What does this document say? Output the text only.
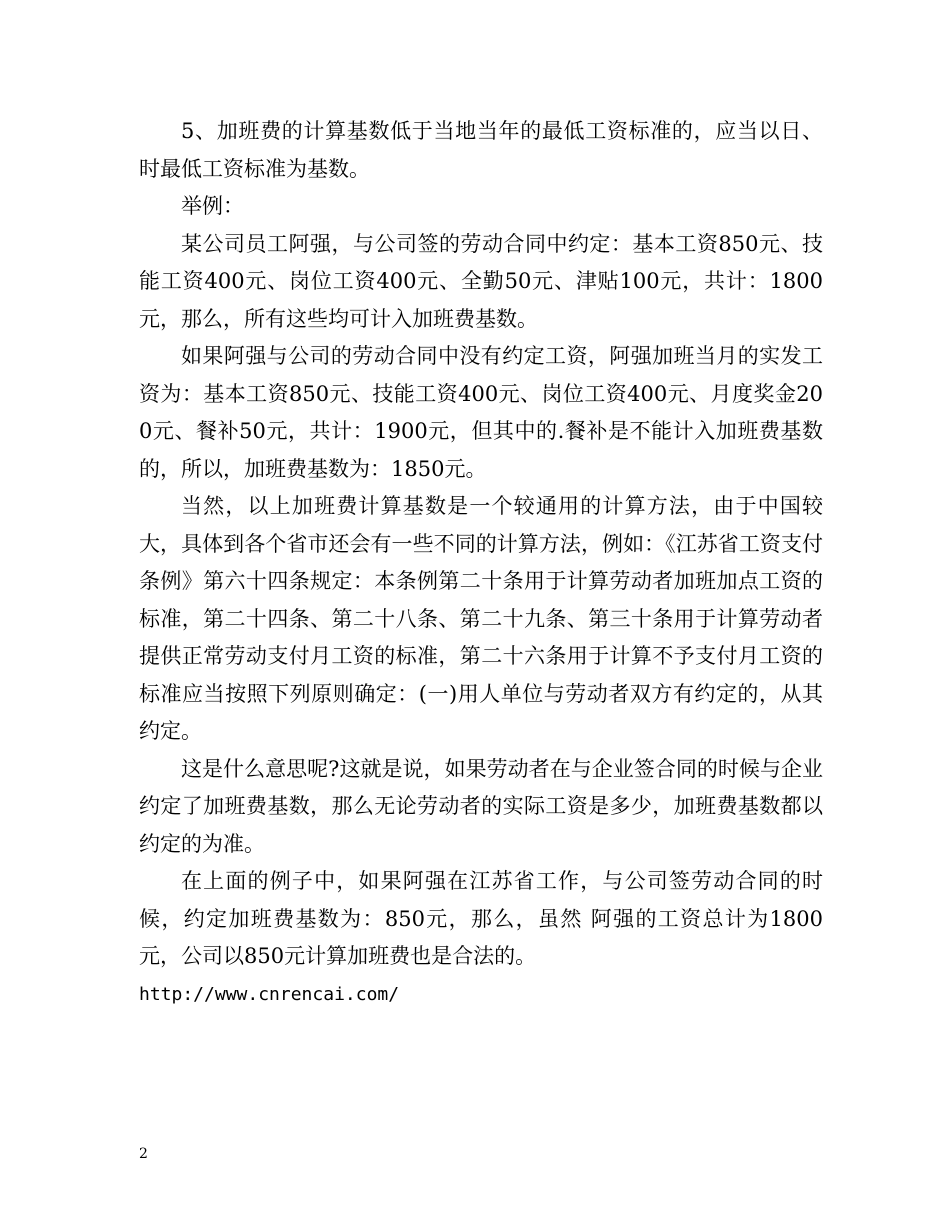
5、加班费的计算基数低于当地当年的最低工资标准的，应当以日、时最低工资标准为基数。

举例：

某公司员工阿强，与公司签的劳动合同中约定：基本工资850元、技能工资400元、岗位工资400元、全勤50元、津贴100元，共计：1800元，那么，所有这些均可计入加班费基数。

如果阿强与公司的劳动合同中没有约定工资，阿强加班当月的实发工资为：基本工资850元、技能工资400元、岗位工资400元、月度奖金200元、餐补50元，共计：1900元，但其中的.餐补是不能计入加班费基数的，所以，加班费基数为：1850元。

当然，以上加班费计算基数是一个较通用的计算方法，由于中国较大，具体到各个省市还会有一些不同的计算方法，例如：《江苏省工资支付条例》第六十四条规定：本条例第二十条用于计算劳动者加班加点工资的标准，第二十四条、第二十八条、第二十九条、第三十条用于计算劳动者提供正常劳动支付月工资的标准，第二十六条用于计算不予支付月工资的标准应当按照下列原则确定：(一)用人单位与劳动者双方有约定的，从其约定。

这是什么意思呢?这就是说，如果劳动者在与企业签合同的时候与企业约定了加班费基数，那么无论劳动者的实际工资是多少，加班费基数都以约定的为准。

在上面的例子中，如果阿强在江苏省工作，与公司签劳动合同的时候，约定加班费基数为：850元，那么，虽然 阿强的工资总计为1800元，公司以850元计算加班费也是合法的。

http://www.cnrencai.com/

2
